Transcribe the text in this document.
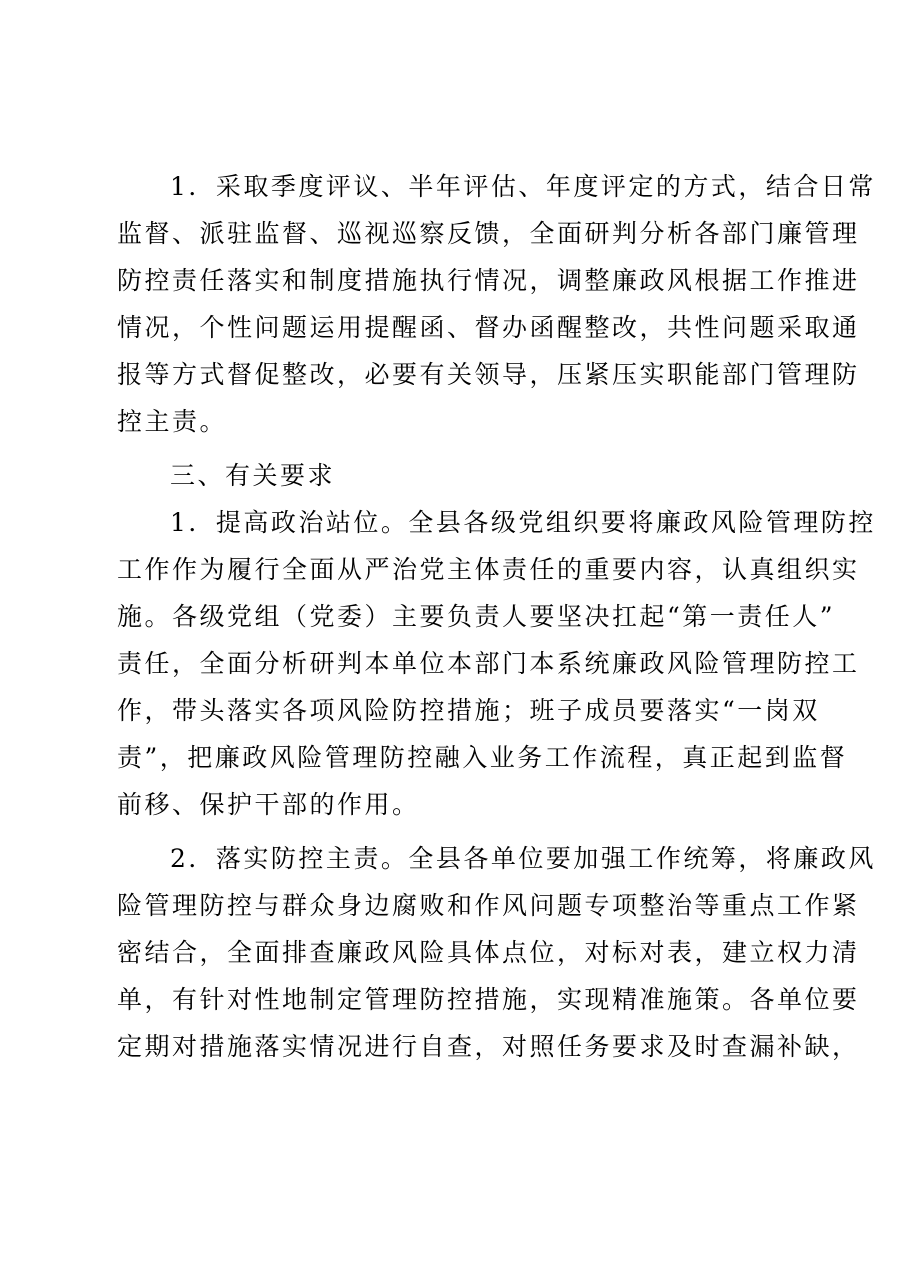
1．采取季度评议、半年评估、年度评定的方式，结合日常

监督、派驻监督、巡视巡察反馈，全面研判分析各部门廉管理

防控责任落实和制度措施执行情况，调整廉政风根据工作推进

情况，个性问题运用提醒函、督办函醒整改，共性问题采取通

报等方式督促整改，必要有关领导，压紧压实职能部门管理防

控主责。

三、有关要求

1．提高政治站位。全县各级党组织要将廉政风险管理防控

工作作为履行全面从严治党主体责任的重要内容，认真组织实

施。各级党组（党委）主要负责人要坚决扛起“第一责任人”

责任，全面分析研判本单位本部门本系统廉政风险管理防控工

作，带头落实各项风险防控措施；班子成员要落实“一岗双

责”，把廉政风险管理防控融入业务工作流程，真正起到监督

前移、保护干部的作用。

2．落实防控主责。全县各单位要加强工作统筹，将廉政风

险管理防控与群众身边腐败和作风问题专项整治等重点工作紧

密结合，全面排查廉政风险具体点位，对标对表，建立权力清

单，有针对性地制定管理防控措施，实现精准施策。各单位要

定期对措施落实情况进行自查，对照任务要求及时查漏补缺，
